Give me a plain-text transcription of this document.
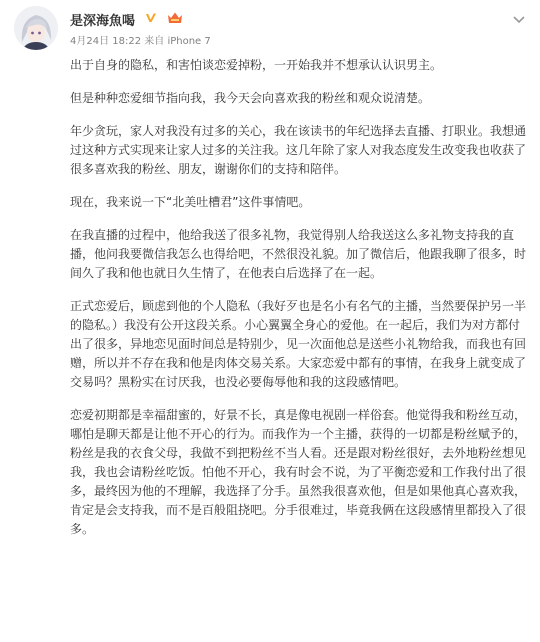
是深海魚喝
4月24日 18:22 来自 iPhone 7

出于自身的隐私，和害怕谈恋爱掉粉，一开始我并不想承认认识男主。

但是种种恋爱细节指向我，我今天会向喜欢我的粉丝和观众说清楚。

年少贪玩，家人对我没有过多的关心，我在该读书的年纪选择去直播、打职业。我想通过这种方式实现来让家人过多的关注我。这几年除了家人对我态度发生改变我也收获了很多喜欢我的粉丝、朋友，谢谢你们的支持和陪伴。

现在，我来说一下“北美吐槽君”这件事情吧。

在我直播的过程中，他给我送了很多礼物，我觉得别人给我送这么多礼物支持我的直播，他问我要微信我怎么也得给吧，不然很没礼貌。加了微信后，他跟我聊了很多，时间久了我和他也就日久生情了，在他表白后选择了在一起。

正式恋爱后，顾虑到他的个人隐私（我好歹也是名小有名气的主播，当然要保护另一半的隐私。）我没有公开这段关系。小心翼翼全身心的爱他。在一起后，我们为对方都付出了很多，异地恋见面时间总是特别少，见一次面他总是送些小礼物给我，而我也有回赠，所以并不存在我和他是肉体交易关系。大家恋爱中都有的事情，在我身上就变成了交易吗？黑粉实在讨厌我，也没必要侮辱他和我的这段感情吧。

恋爱初期都是幸福甜蜜的，好景不长，真是像电视剧一样俗套。他觉得我和粉丝互动，哪怕是聊天都是让他不开心的行为。而我作为一个主播，获得的一切都是粉丝赋予的，粉丝是我的衣食父母，我做不到把粉丝不当人看。还是跟对粉丝很好，去外地粉丝想见我，我也会请粉丝吃饭。怕他不开心，我有时会不说，为了平衡恋爱和工作我付出了很多，最终因为他的不理解，我选择了分手。虽然我很喜欢他，但是如果他真心喜欢我，肯定是会支持我，而不是百般阻挠吧。分手很难过，毕竟我俩在这段感情里都投入了很多。
